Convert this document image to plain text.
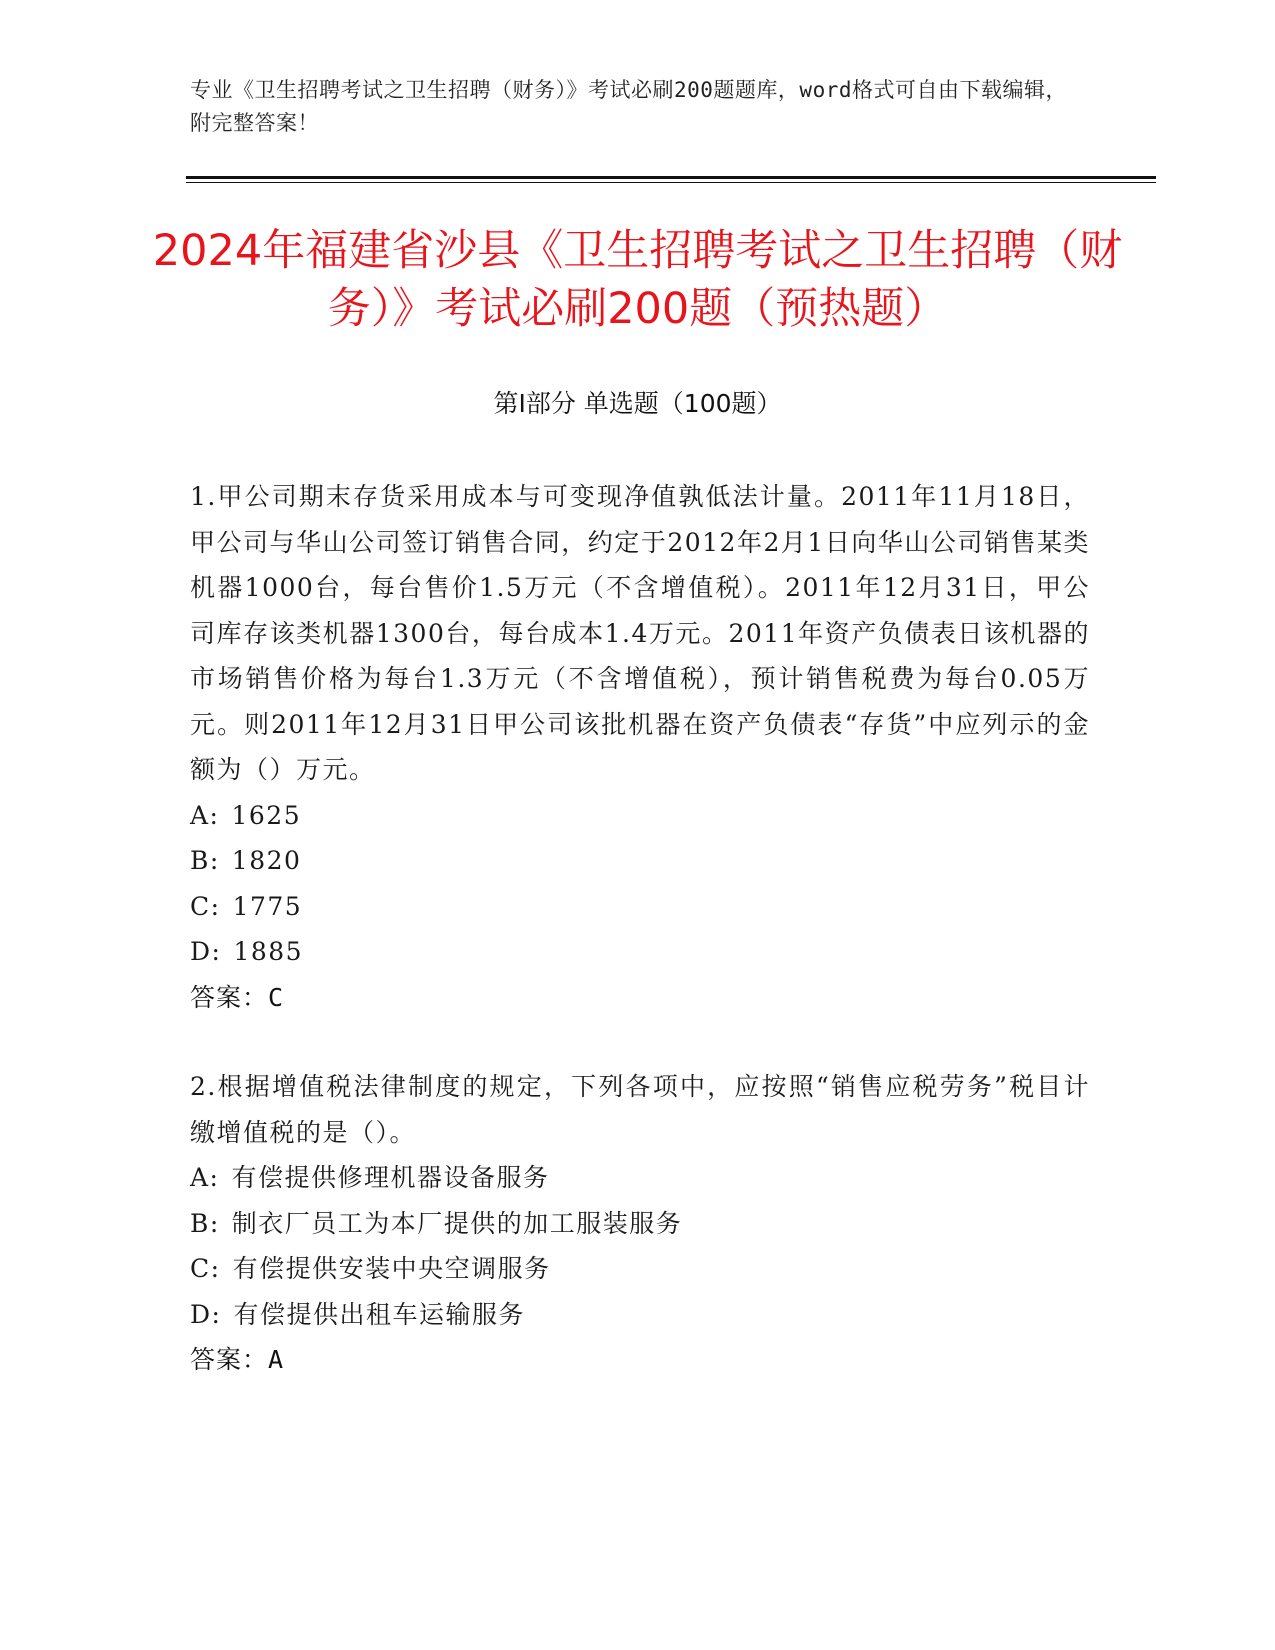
专业《卫生招聘考试之卫生招聘（财务）》考试必刷200题题库，word格式可自由下载编辑，附完整答案！
2024年福建省沙县《卫生招聘考试之卫生招聘（财务）》考试必刷200题（预热题）
第Ⅰ部分 单选题（100题）

1.甲公司期末存货采用成本与可变现净值孰低法计量。2011年11月18日，甲公司与华山公司签订销售合同，约定于2012年2月1日向华山公司销售某类机器1000台，每台售价1.5万元（不含增值税）。2011年12月31日，甲公司库存该类机器1300台，每台成本1.4万元。2011年资产负债表日该机器的市场销售价格为每台1.3万元（不含增值税），预计销售税费为每台0.05万元。则2011年12月31日甲公司该批机器在资产负债表“存货”中应列示的金额为（）万元。

A: 1625

B: 1820

C: 1775

D: 1885

答案：C

2.根据增值税法律制度的规定，下列各项中，应按照“销售应税劳务”税目计缴增值税的是（）。

A: 有偿提供修理机器设备服务

B: 制衣厂员工为本厂提供的加工服装服务

C: 有偿提供安装中央空调服务

D: 有偿提供出租车运输服务

答案：A
